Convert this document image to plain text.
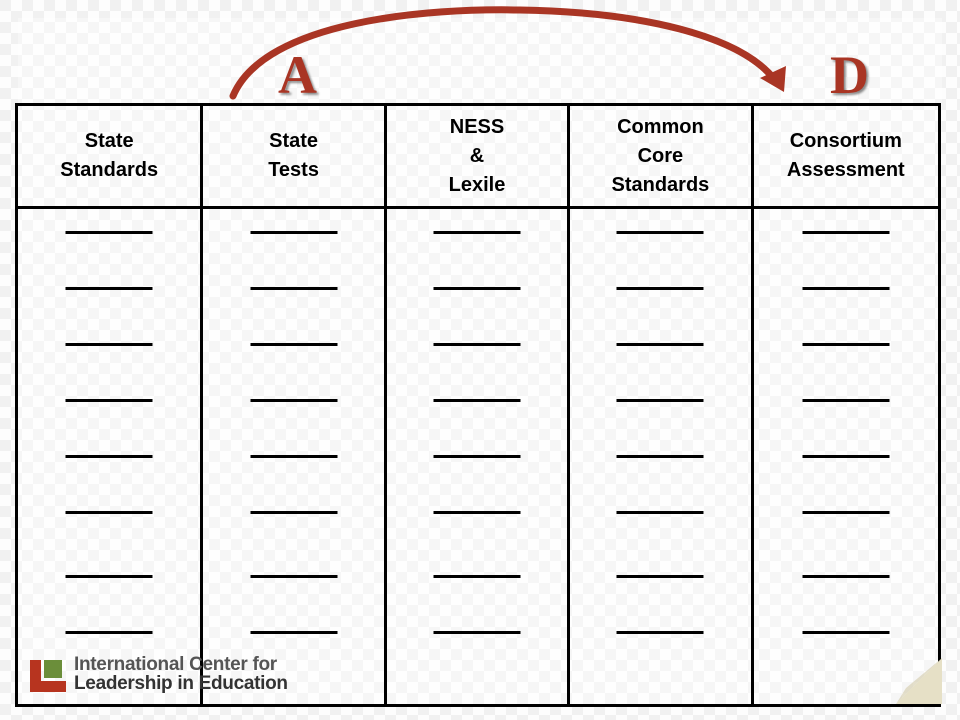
A	D
State
Standards
State
Tests
NESS
&
Lexile
Common
Core
Standards
Consortium
Assessment
International Center for
Leadership in Education
